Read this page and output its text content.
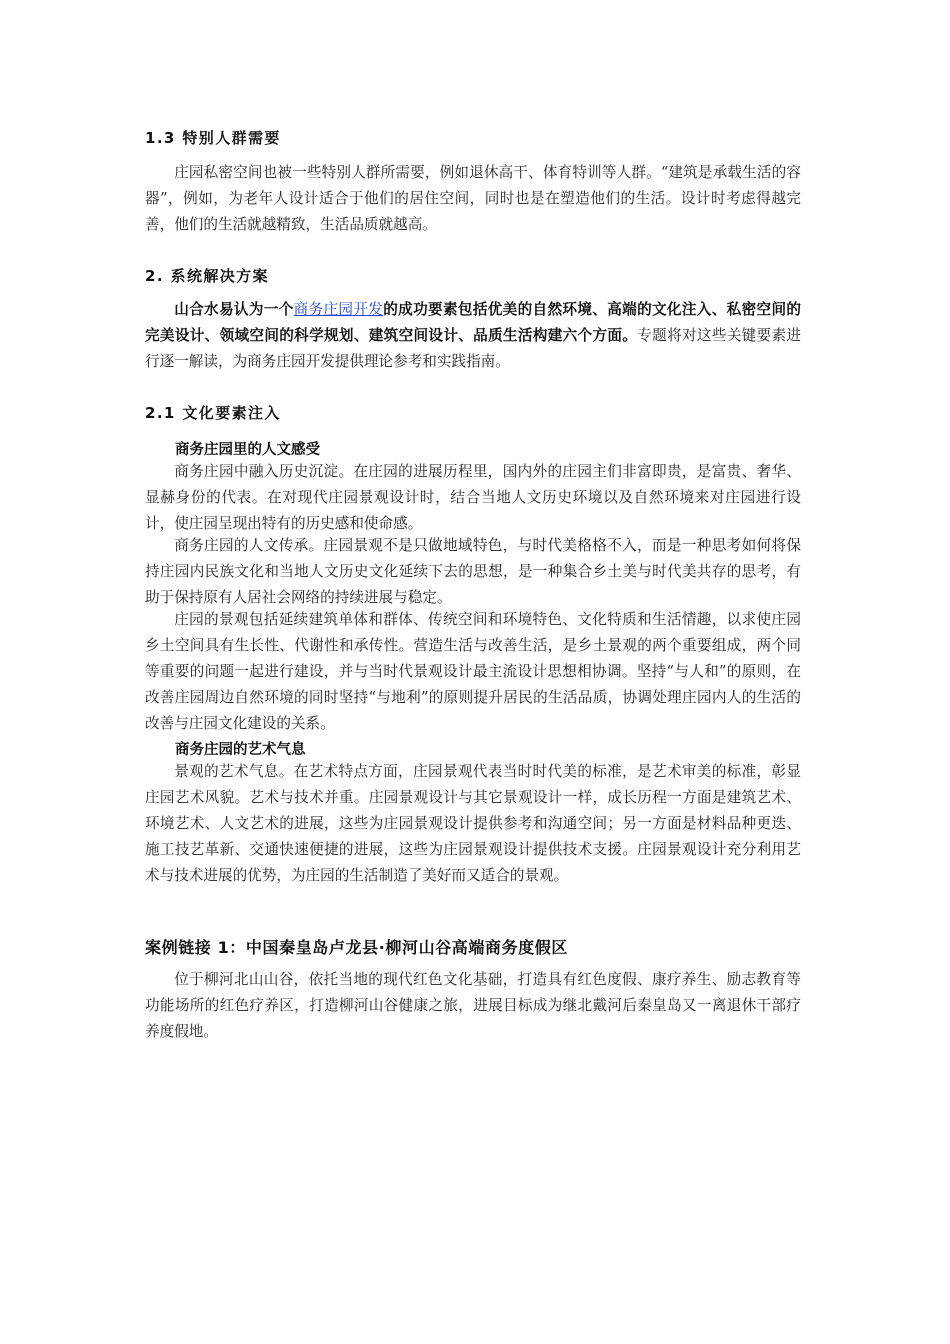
1.3 特别人群需要

庄园私密空间也被一些特别人群所需要，例如退休高干、体育特训等人群。“建筑是承载生活的容器”，例如，为老年人设计适合于他们的居住空间，同时也是在塑造他们的生活。设计时考虑得越完善，他们的生活就越精致，生活品质就越高。

2. 系统解决方案

山合水易认为一个商务庄园开发的成功要素包括优美的自然环境、高端的文化注入、私密空间的完美设计、领域空间的科学规划、建筑空间设计、品质生活构建六个方面。专题将对这些关键要素进行逐一解读，为商务庄园开发提供理论参考和实践指南。

2.1 文化要素注入
商务庄园里的人文感受

商务庄园中融入历史沉淀。在庄园的进展历程里，国内外的庄园主们非富即贵，是富贵、奢华、显赫身份的代表。在对现代庄园景观设计时，结合当地人文历史环境以及自然环境来对庄园进行设计，使庄园呈现出特有的历史感和使命感。

商务庄园的人文传承。庄园景观不是只做地域特色，与时代美格格不入，而是一种思考如何将保持庄园内民族文化和当地人文历史文化延续下去的思想，是一种集合乡土美与时代美共存的思考，有助于保持原有人居社会网络的持续进展与稳定。

庄园的景观包括延续建筑单体和群体、传统空间和环境特色、文化特质和生活情趣，以求使庄园乡土空间具有生长性、代谢性和承传性。营造生活与改善生活，是乡土景观的两个重要组成，两个同等重要的问题一起进行建设，并与当时代景观设计最主流设计思想相协调。坚持“与人和”的原则，在改善庄园周边自然环境的同时坚持“与地利”的原则提升居民的生活品质，协调处理庄园内人的生活的改善与庄园文化建设的关系。

商务庄园的艺术气息

景观的艺术气息。在艺术特点方面，庄园景观代表当时时代美的标准，是艺术审美的标准，彰显庄园艺术风貌。艺术与技术并重。庄园景观设计与其它景观设计一样，成长历程一方面是建筑艺术、环境艺术、人文艺术的进展，这些为庄园景观设计提供参考和沟通空间；另一方面是材料品种更迭、施工技艺革新、交通快速便捷的进展，这些为庄园景观设计提供技术支援。庄园景观设计充分利用艺术与技术进展的优势，为庄园的生活制造了美好而又适合的景观。

案例链接 1：中国秦皇岛卢龙县·柳河山谷高端商务度假区

位于柳河北山山谷，依托当地的现代红色文化基础，打造具有红色度假、康疗养生、励志教育等功能场所的红色疗养区，打造柳河山谷健康之旅，进展目标成为继北戴河后秦皇岛又一离退休干部疗养度假地。
